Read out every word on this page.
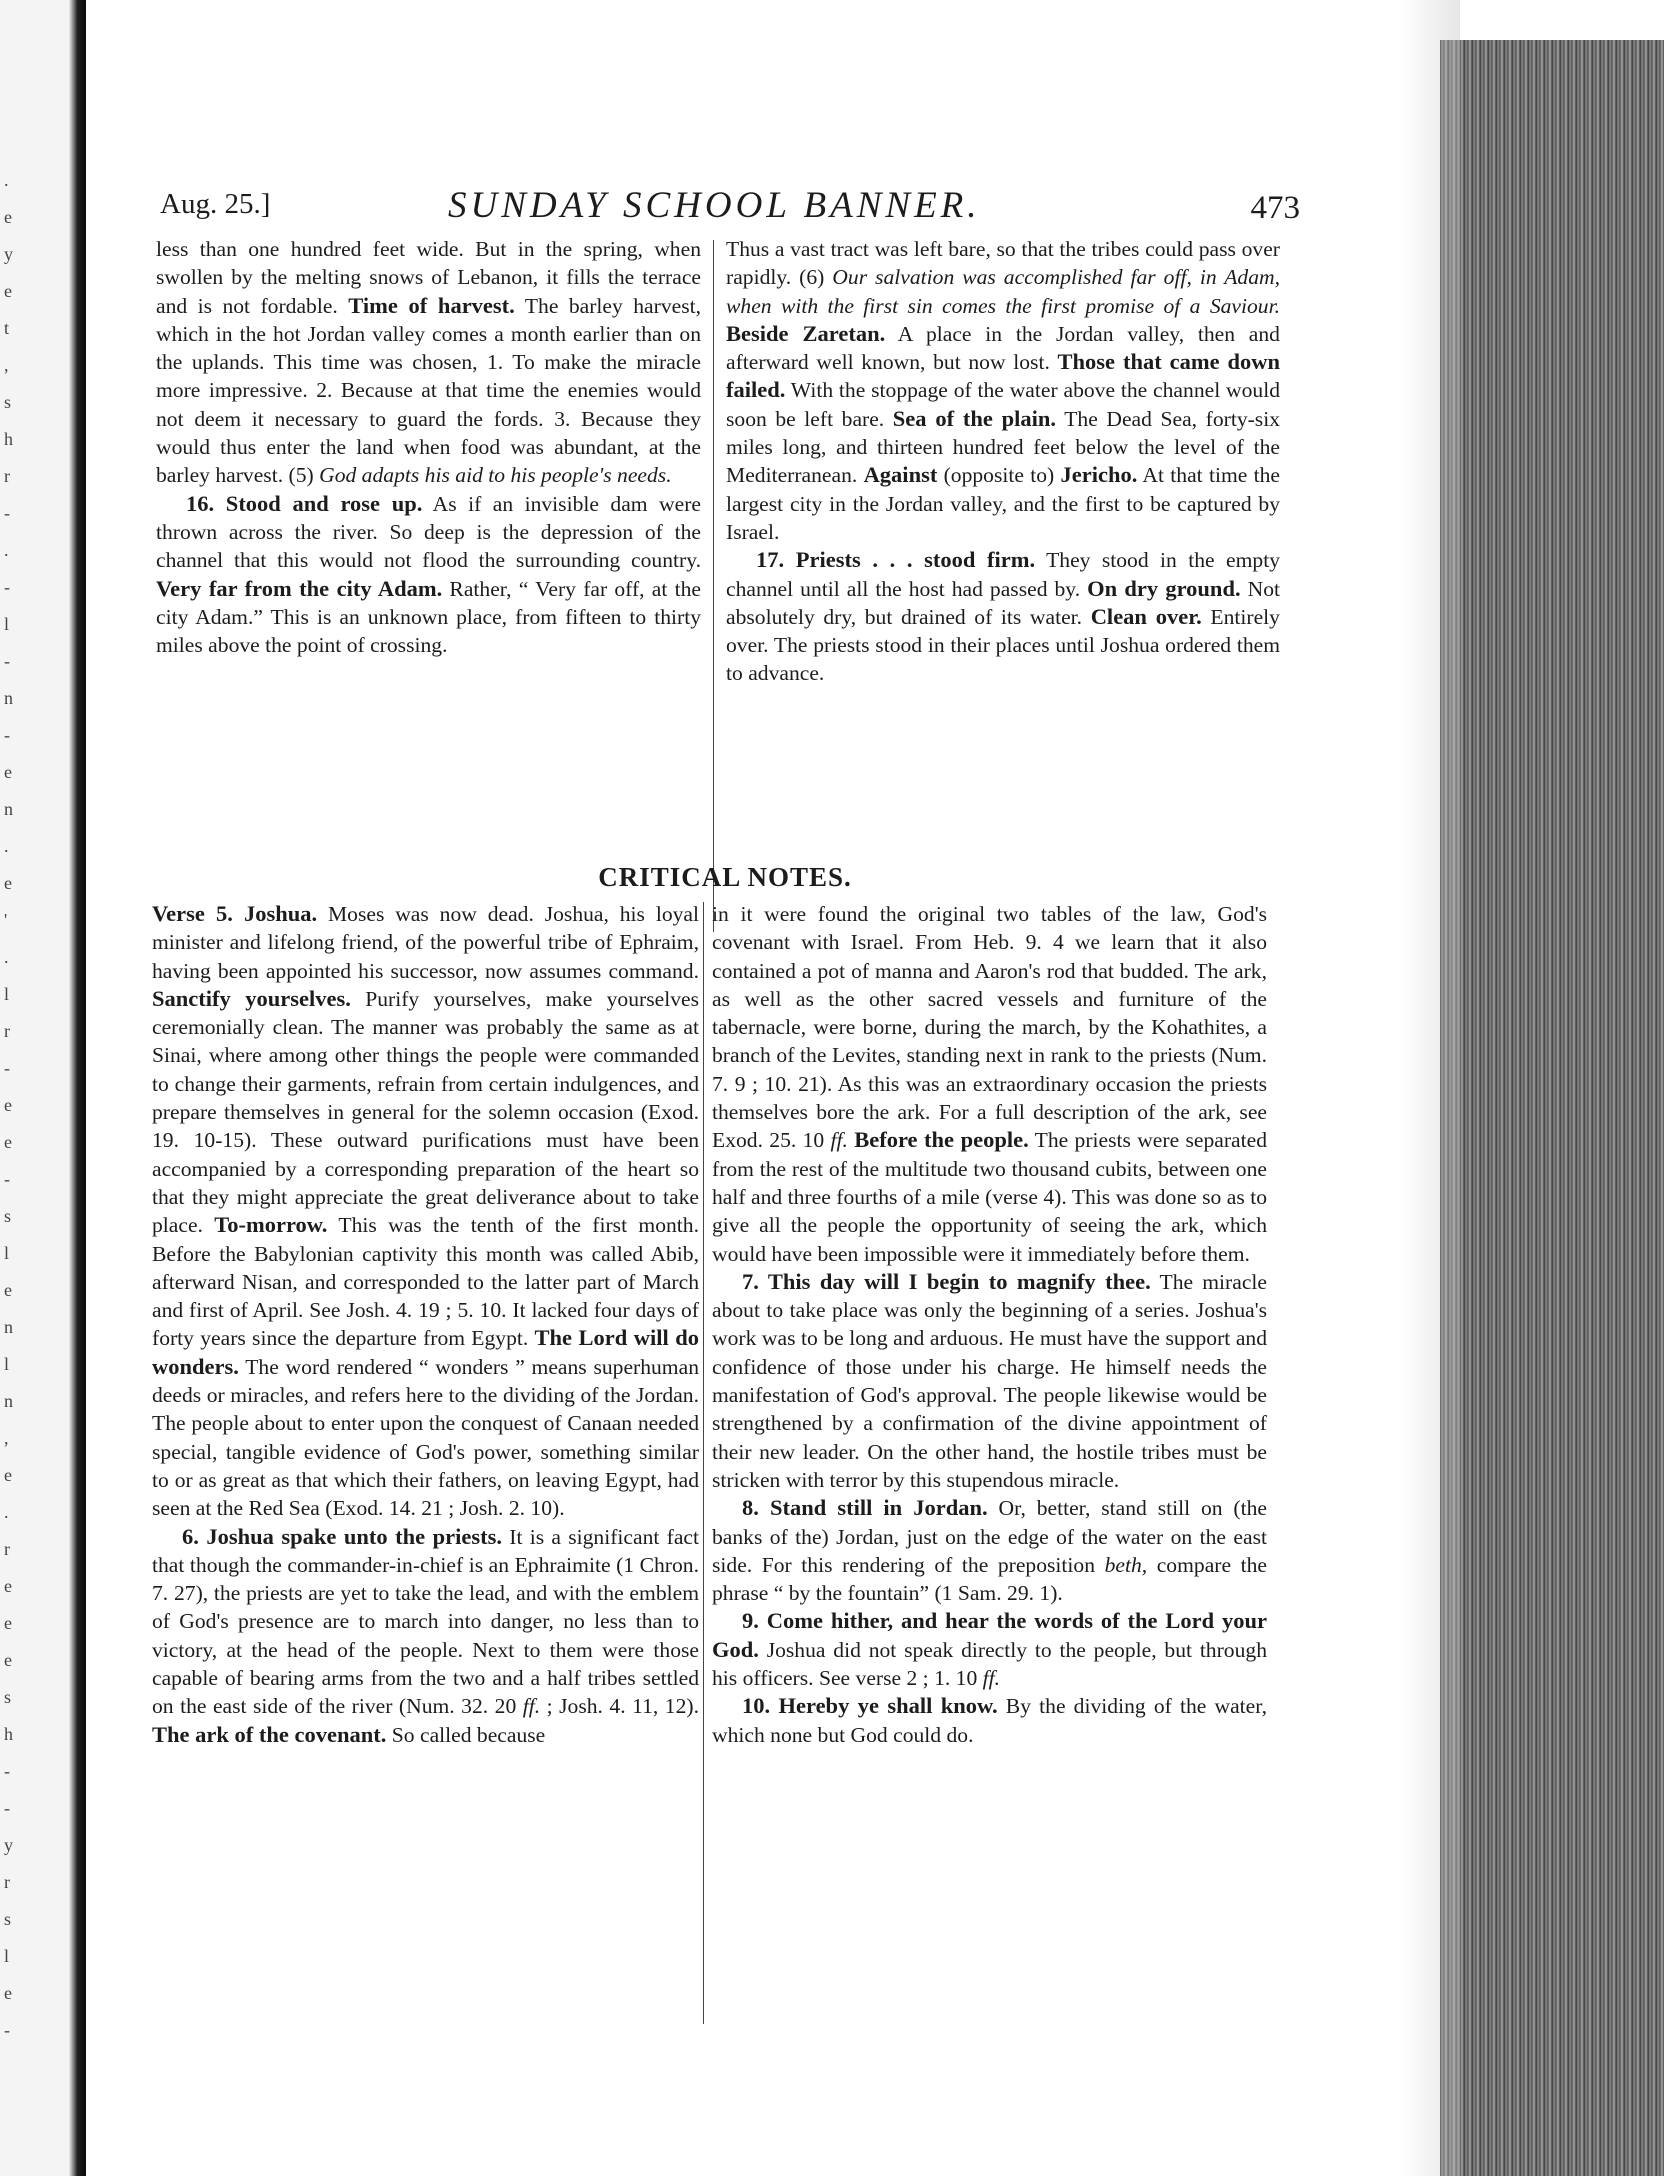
.
e
y
e
t
,
s
h
r
-
.
-
l
-
n
-
e
n
.
e
'
.
l
r
-
e
e
-
s
l
e
n
l
n
,
e
.
r
e
e
e
s
h
-
-
y
r
s
l
e
-
Aug. 25.]	SUNDAY SCHOOL BANNER.	473

less than one hundred feet wide. But in the spring, when swollen by the melting snows of Lebanon, it fills the terrace and is not fordable. Time of harvest. The barley harvest, which in the hot Jordan valley comes a month earlier than on the uplands. This time was chosen, 1. To make the miracle more impressive. 2. Because at that time the enemies would not deem it necessary to guard the fords. 3. Because they would thus enter the land when food was abundant, at the barley harvest. (5) God adapts his aid to his people's needs.

16. Stood and rose up. As if an invisible dam were thrown across the river. So deep is the depression of the channel that this would not flood the surrounding country. Very far from the city Adam. Rather, “ Very far off, at the city Adam.” This is an unknown place, from fifteen to thirty miles above the point of crossing.

Thus a vast tract was left bare, so that the tribes could pass over rapidly. (6) Our salvation was accomplished far off, in Adam, when with the first sin comes the first promise of a Saviour. Beside Zaretan. A place in the Jordan valley, then and afterward well known, but now lost. Those that came down failed. With the stoppage of the water above the channel would soon be left bare. Sea of the plain. The Dead Sea, forty-six miles long, and thirteen hundred feet below the level of the Mediterranean. Against (opposite to) Jericho. At that time the largest city in the Jordan valley, and the first to be captured by Israel.

17. Priests . . . stood firm. They stood in the empty channel until all the host had passed by. On dry ground. Not absolutely dry, but drained of its water. Clean over. Entirely over. The priests stood in their places until Joshua ordered them to advance.

CRITICAL NOTES.

Verse 5. Joshua. Moses was now dead. Joshua, his loyal minister and lifelong friend, of the powerful tribe of Ephraim, having been appointed his successor, now assumes command. Sanctify yourselves. Purify yourselves, make yourselves ceremonially clean. The manner was probably the same as at Sinai, where among other things the people were commanded to change their garments, refrain from certain indulgences, and prepare themselves in general for the solemn occasion (Exod. 19. 10-15). These outward purifications must have been accompanied by a corresponding preparation of the heart so that they might appreciate the great deliverance about to take place. To-morrow. This was the tenth of the first month. Before the Babylonian captivity this month was called Abib, afterward Nisan, and corresponded to the latter part of March and first of April. See Josh. 4. 19 ; 5. 10. It lacked four days of forty years since the departure from Egypt. The Lord will do wonders. The word rendered “ wonders ” means superhuman deeds or miracles, and refers here to the dividing of the Jordan. The people about to enter upon the conquest of Canaan needed special, tangible evidence of God's power, something similar to or as great as that which their fathers, on leaving Egypt, had seen at the Red Sea (Exod. 14. 21 ; Josh. 2. 10).

6. Joshua spake unto the priests. It is a significant fact that though the commander-in-chief is an Ephraimite (1 Chron. 7. 27), the priests are yet to take the lead, and with the emblem of God's presence are to march into danger, no less than to victory, at the head of the people. Next to them were those capable of bearing arms from the two and a half tribes settled on the east side of the river (Num. 32. 20 ff. ; Josh. 4. 11, 12). The ark of the covenant. So called because

in it were found the original two tables of the law, God's covenant with Israel. From Heb. 9. 4 we learn that it also contained a pot of manna and Aaron's rod that budded. The ark, as well as the other sacred vessels and furniture of the tabernacle, were borne, during the march, by the Kohathites, a branch of the Levites, standing next in rank to the priests (Num. 7. 9 ; 10. 21). As this was an extraordinary occasion the priests themselves bore the ark. For a full description of the ark, see Exod. 25. 10 ff. Before the people. The priests were separated from the rest of the multitude two thousand cubits, between one half and three fourths of a mile (verse 4). This was done so as to give all the people the opportunity of seeing the ark, which would have been impossible were it immediately before them.

7. This day will I begin to magnify thee. The miracle about to take place was only the beginning of a series. Joshua's work was to be long and arduous. He must have the support and confidence of those under his charge. He himself needs the manifestation of God's approval. The people likewise would be strengthened by a confirmation of the divine appointment of their new leader. On the other hand, the hostile tribes must be stricken with terror by this stupendous miracle.

8. Stand still in Jordan. Or, better, stand still on (the banks of the) Jordan, just on the edge of the water on the east side. For this rendering of the preposition beth, compare the phrase “ by the fountain” (1 Sam. 29. 1).

9. Come hither, and hear the words of the Lord your God. Joshua did not speak directly to the people, but through his officers. See verse 2 ; 1. 10 ff.

10. Hereby ye shall know. By the dividing of the water, which none but God could do.
